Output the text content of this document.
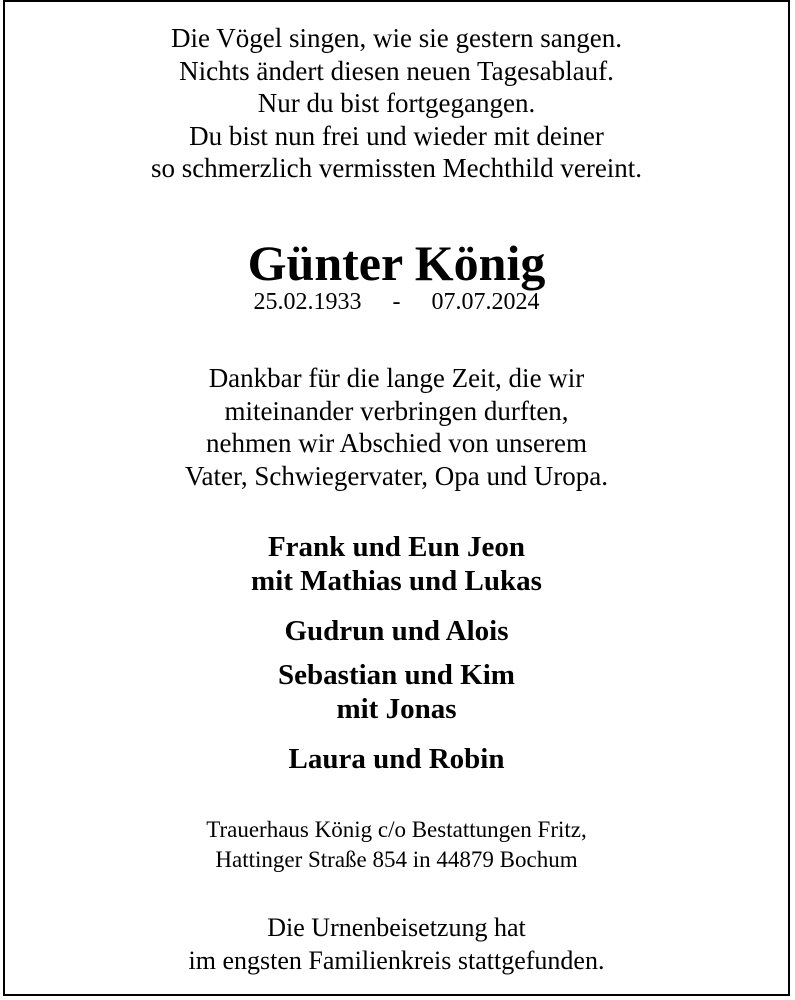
Die Vögel singen, wie sie gestern sangen.
Nichts ändert diesen neuen Tagesablauf.
Nur du bist fortgegangen.
Du bist nun frei und wieder mit deiner
so schmerzlich vermissten Mechthild vereint.
Günter König
25.02.1933 - 07.07.2024
Dankbar für die lange Zeit, die wir
miteinander verbringen durften,
nehmen wir Abschied von unserem
Vater, Schwiegervater, Opa und Uropa.
Frank und Eun Jeon
mit Mathias und Lukas
Gudrun und Alois
Sebastian und Kim
mit Jonas
Laura und Robin
Trauerhaus König c/o Bestattungen Fritz,
Hattinger Straße 854 in 44879 Bochum
Die Urnenbeisetzung hat
im engsten Familienkreis stattgefunden.
